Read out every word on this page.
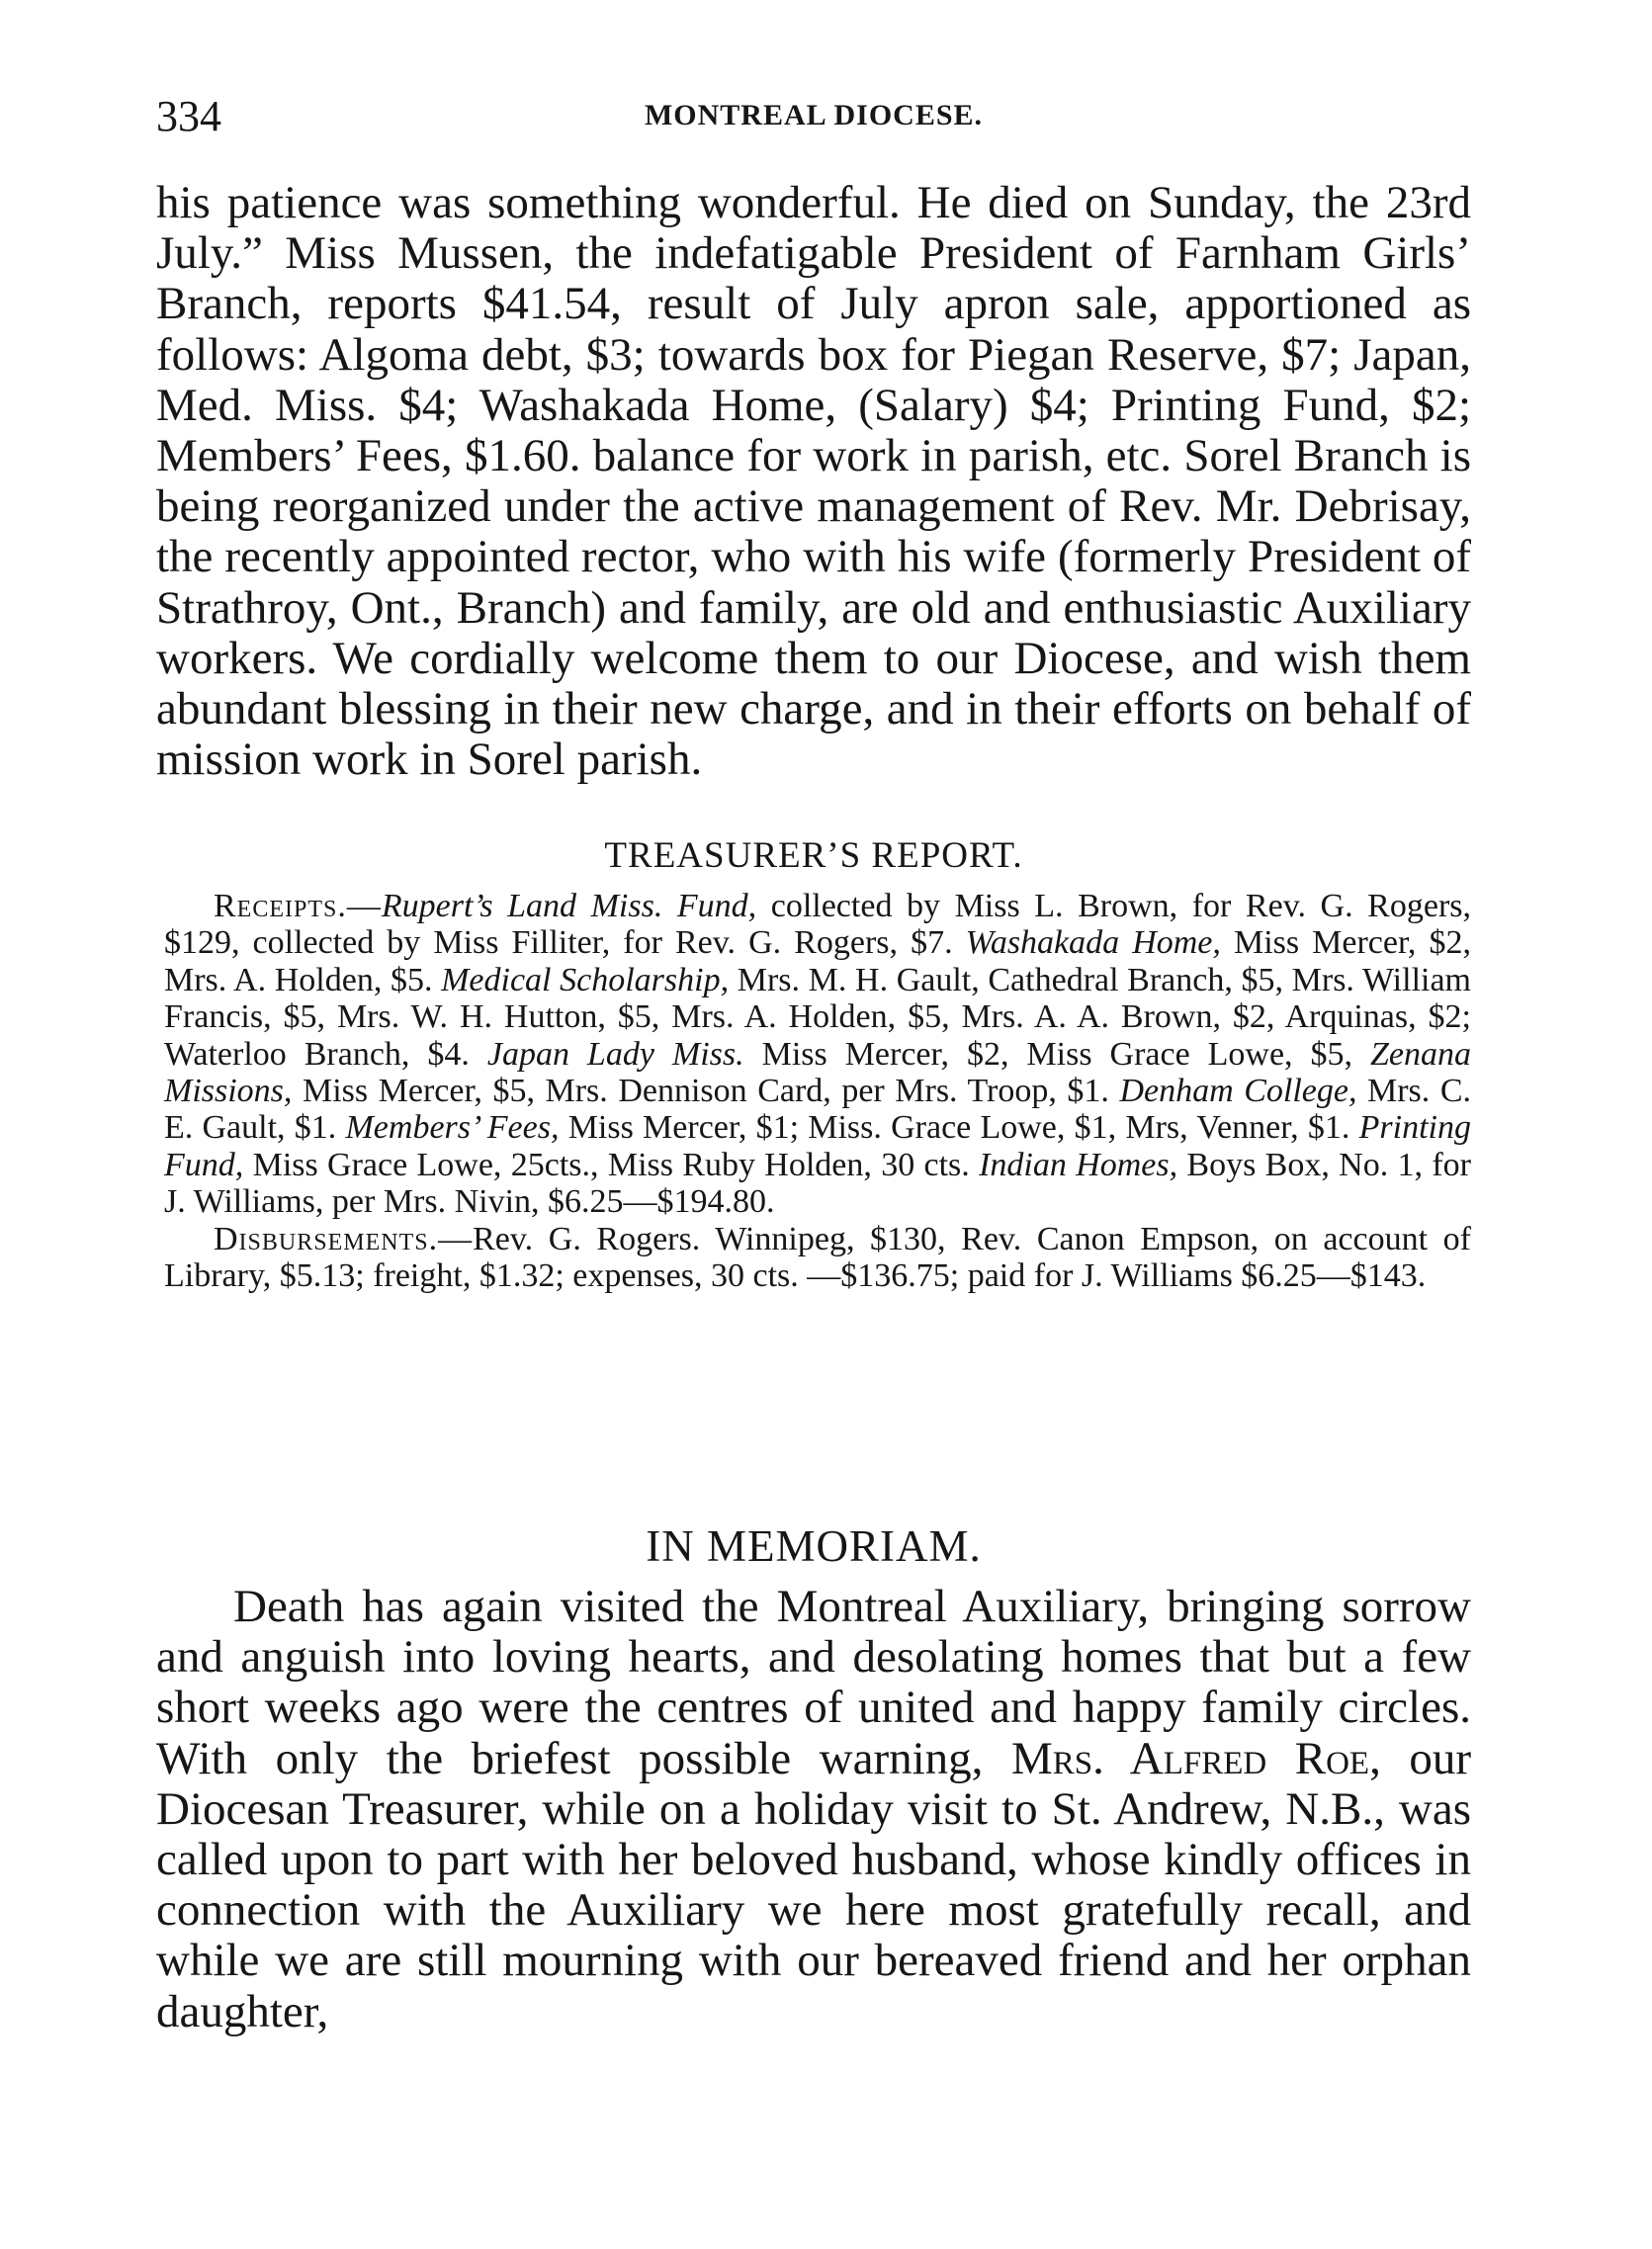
334	MONTREAL DIOCESE.

his patience was something wonderful. He died on Sunday, the 23rd July.” Miss Mussen, the indefatigable President of Farnham Girls’ Branch, reports $41.54, result of July apron sale, apportioned as follows: Algoma debt, $3; towards box for Piegan Reserve, $7; Japan, Med. Miss. $4; Washakada Home, (Salary) $4; Printing Fund, $2; Members’ Fees, $1.60. balance for work in parish, etc. Sorel Branch is being reorganized under the active management of Rev. Mr. Debrisay, the recently appointed rector, who with his wife (formerly President of Strathroy, Ont., Branch) and family, are old and enthusiastic Auxiliary workers. We cordially welcome them to our Diocese, and wish them abundant blessing in their new charge, and in their efforts on behalf of mission work in Sorel parish.

TREASURER’S REPORT.

Receipts.—Rupert’s Land Miss. Fund, collected by Miss L. Brown, for Rev. G. Rogers, $129, collected by Miss Filliter, for Rev. G. Rogers, $7. Washakada Home, Miss Mercer, $2, Mrs. A. Holden, $5. Medical Scholarship, Mrs. M. H. Gault, Cathedral Branch, $5, Mrs. William Francis, $5, Mrs. W. H. Hutton, $5, Mrs. A. Holden, $5, Mrs. A. A. Brown, $2, Arquinas, $2; Waterloo Branch, $4. Japan Lady Miss. Miss Mercer, $2, Miss Grace Lowe, $5, Zenana Missions, Miss Mercer, $5, Mrs. Dennison Card, per Mrs. Troop, $1. Denham College, Mrs. C. E. Gault, $1. Members’ Fees, Miss Mercer, $1; Miss. Grace Lowe, $1, Mrs, Venner, $1. Printing Fund, Miss Grace Lowe, 25cts., Miss Ruby Holden, 30 cts. Indian Homes, Boys Box, No. 1, for J. Williams, per Mrs. Nivin, $6.25—$194.80.

Disbursements.—Rev. G. Rogers. Winnipeg, $130, Rev. Canon Empson, on account of Library, $5.13; freight, $1.32; expenses, 30 cts. —$136.75; paid for J. Williams $6.25—$143.

IN MEMORIAM.

Death has again visited the Montreal Auxiliary, bringing sorrow and anguish into loving hearts, and desolating homes that but a few short weeks ago were the centres of united and happy family circles. With only the briefest possible warning, Mrs. Alfred Roe, our Diocesan Treasurer, while on a holiday visit to St. Andrew, N.B., was called upon to part with her beloved husband, whose kindly offices in connection with the Auxiliary we here most gratefully recall, and while we are still mourning with our bereaved friend and her orphan daughter,
